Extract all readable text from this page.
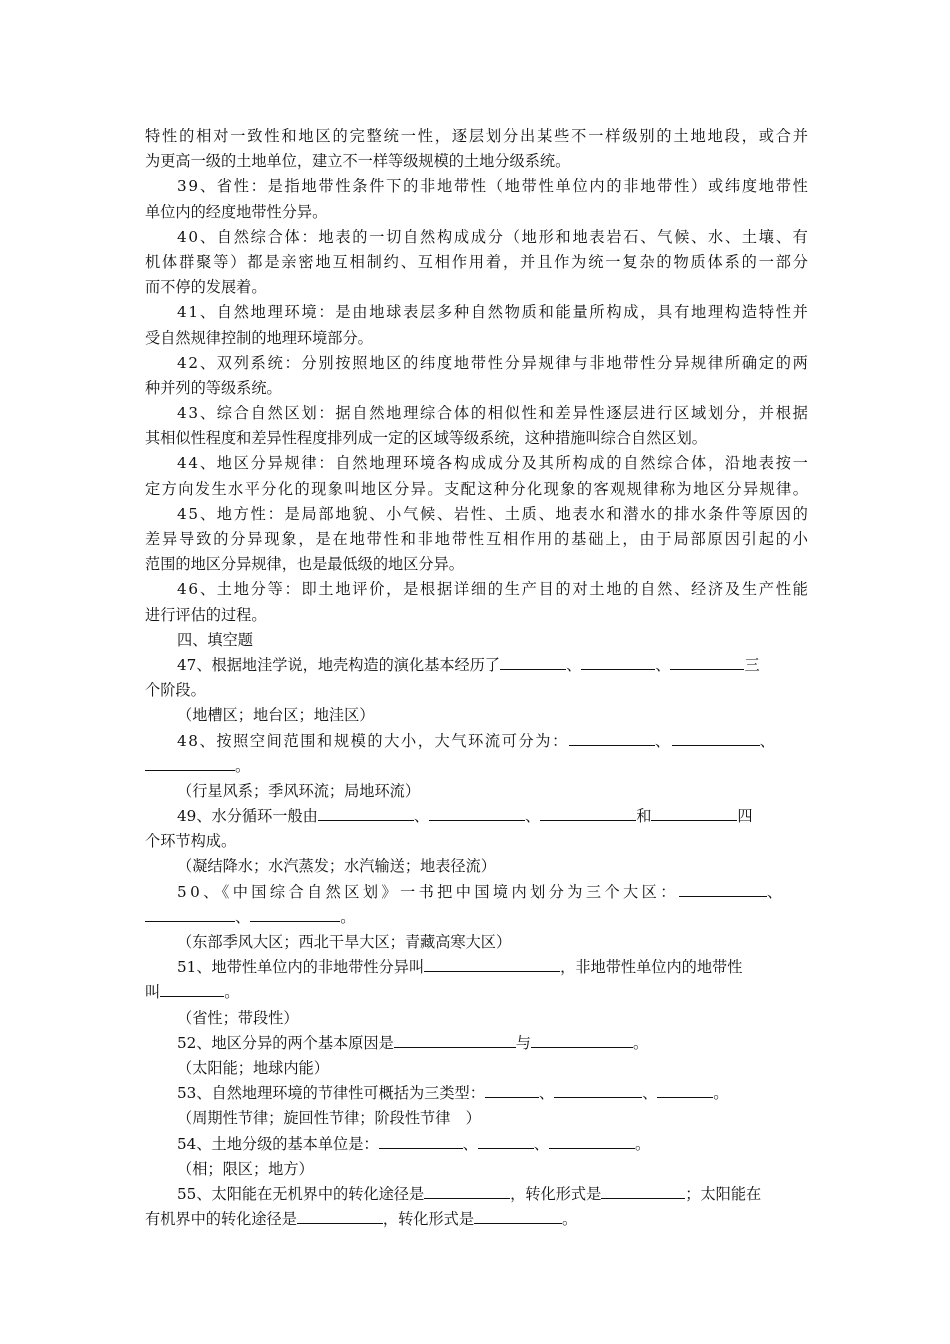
特 性 的 相 对 一 致 性 和 地 区 的 完 整 统 一 性 ， 逐 层 划 分 出 某 些 不 一 样 级 别 的 土 地 地 段 ， 或 合 并
为更高一级的土地单位，建立不一样等级规模的土地分级系统。
3 9 、 省 性 ： 是 指 地 带 性 条 件 下 的 非 地 带 性 （ 地 带 性 单 位 内 的 非 地 带 性 ） 或 纬 度 地 带 性
单位内的经度地带性分异。
4 0 、 自 然 综 合 体 ： 地 表 的 一 切 自 然 构 成 成 分 （ 地 形 和 地 表 岩 石 、 气 候 、 水 、 土 壤 、 有
机 体 群 聚 等 ） 都 是 亲 密 地 互 相 制 约 、 互 相 作 用 着 ， 并 且 作 为 统 一 复 杂 的 物 质 体 系 的 一 部 分
而不停的发展着。
4 1 、 自 然 地 理 环 境 ： 是 由 地 球 表 层 多 种 自 然 物 质 和 能 量 所 构 成 ， 具 有 地 理 构 造 特 性 并
受自然规律控制的地理环境部分。
4 2 、 双 列 系 统 ： 分 别 按 照 地 区 的 纬 度 地 带 性 分 异 规 律 与 非 地 带 性 分 异 规 律 所 确 定 的 两
种并列的等级系统。
4 3 、 综 合 自 然 区 划 ： 据 自 然 地 理 综 合 体 的 相 似 性 和 差 异 性 逐 层 进 行 区 域 划 分 ， 并 根 据
其相似性程度和差异性程度排列成一定的区域等级系统，这种措施叫综合自然区划。
4 4 、 地 区 分 异 规 律 ： 自 然 地 理 环 境 各 构 成 成 分 及 其 所 构 成 的 自 然 综 合 体 ， 沿 地 表 按 一
定 方 向 发 生 水 平 分 化 的 现 象 叫 地 区 分 异 。 支 配 这 种 分 化 现 象 的 客 观 规 律 称 为 地 区 分 异 规 律 。
4 5 、 地 方 性 ： 是 局 部 地 貌 、 小 气 候 、 岩 性 、 土 质 、 地 表 水 和 潜 水 的 排 水 条 件 等 原 因 的
差 异 导 致 的 分 异 现 象 ， 是 在 地 带 性 和 非 地 带 性 互 相 作 用 的 基 础 上 ， 由 于 局 部 原 因 引 起 的 小
范围的地区分异规律，也是最低级的地区分异。
4 6 、 土 地 分 等 ： 即 土 地 评 价 ， 是 根 据 详 细 的 生 产 目 的 对 土 地 的 自 然 、 经 济 及 生 产 性 能
进行评估的过程。
四、填空题
47、根据地洼学说，地壳构造的演化基本经历了	、	、	三
个阶段。
（地槽区；地台区；地洼区）
48、按照空间范围和规模的大小，大气环流可分为：	、	、
。
（行星风系；季风环流；局地环流）
49、水分循环一般由	、	、	和	四
个环节构成。
（凝结降水；水汽蒸发；水汽输送；地表径流）
50、《中国综合自然区划》一书把中国境内划分为三个大区：	、
、	。
（东部季风大区；西北干旱大区；青藏高寒大区）
51、地带性单位内的非地带性分异叫	，非地带性单位内的地带性
叫	。
（省性；带段性）
52、地区分异的两个基本原因是	与	。
（太阳能；地球内能）
53、自然地理环境的节律性可概括为三类型：	、	、	。
（周期性节律；旋回性节律；阶段性节律　）
54、土地分级的基本单位是：	、	、	。
（相；限区；地方）
55、太阳能在无机界中的转化途径是	，转化形式是	；太阳能在
有机界中的转化途径是	，转化形式是	。
